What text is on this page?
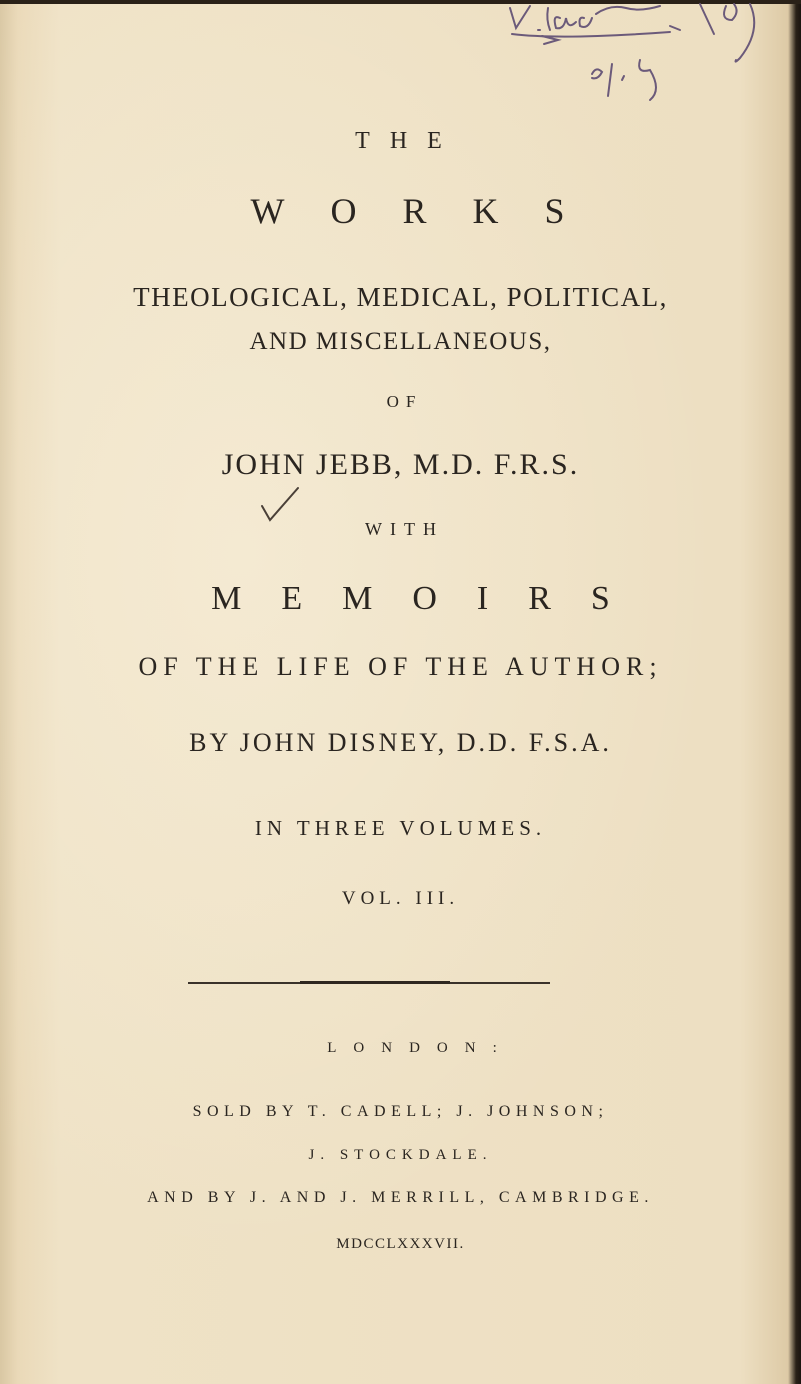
THE
WORKS
THEOLOGICAL, MEDICAL, POLITICAL,
AND MISCELLANEOUS,
OF
JOHN JEBB, M.D. F.R.S.
WITH
MEMOIRS
OF THE LIFE OF THE AUTHOR;
BY JOHN DISNEY, D.D. F.S.A.
IN THREE VOLUMES.
VOL. III.
LONDON:
SOLD BY T. CADELL; J. JOHNSON;
J. STOCKDALE.
AND BY J. AND J. MERRILL, CAMBRIDGE.
MDCCLXXXVII.
